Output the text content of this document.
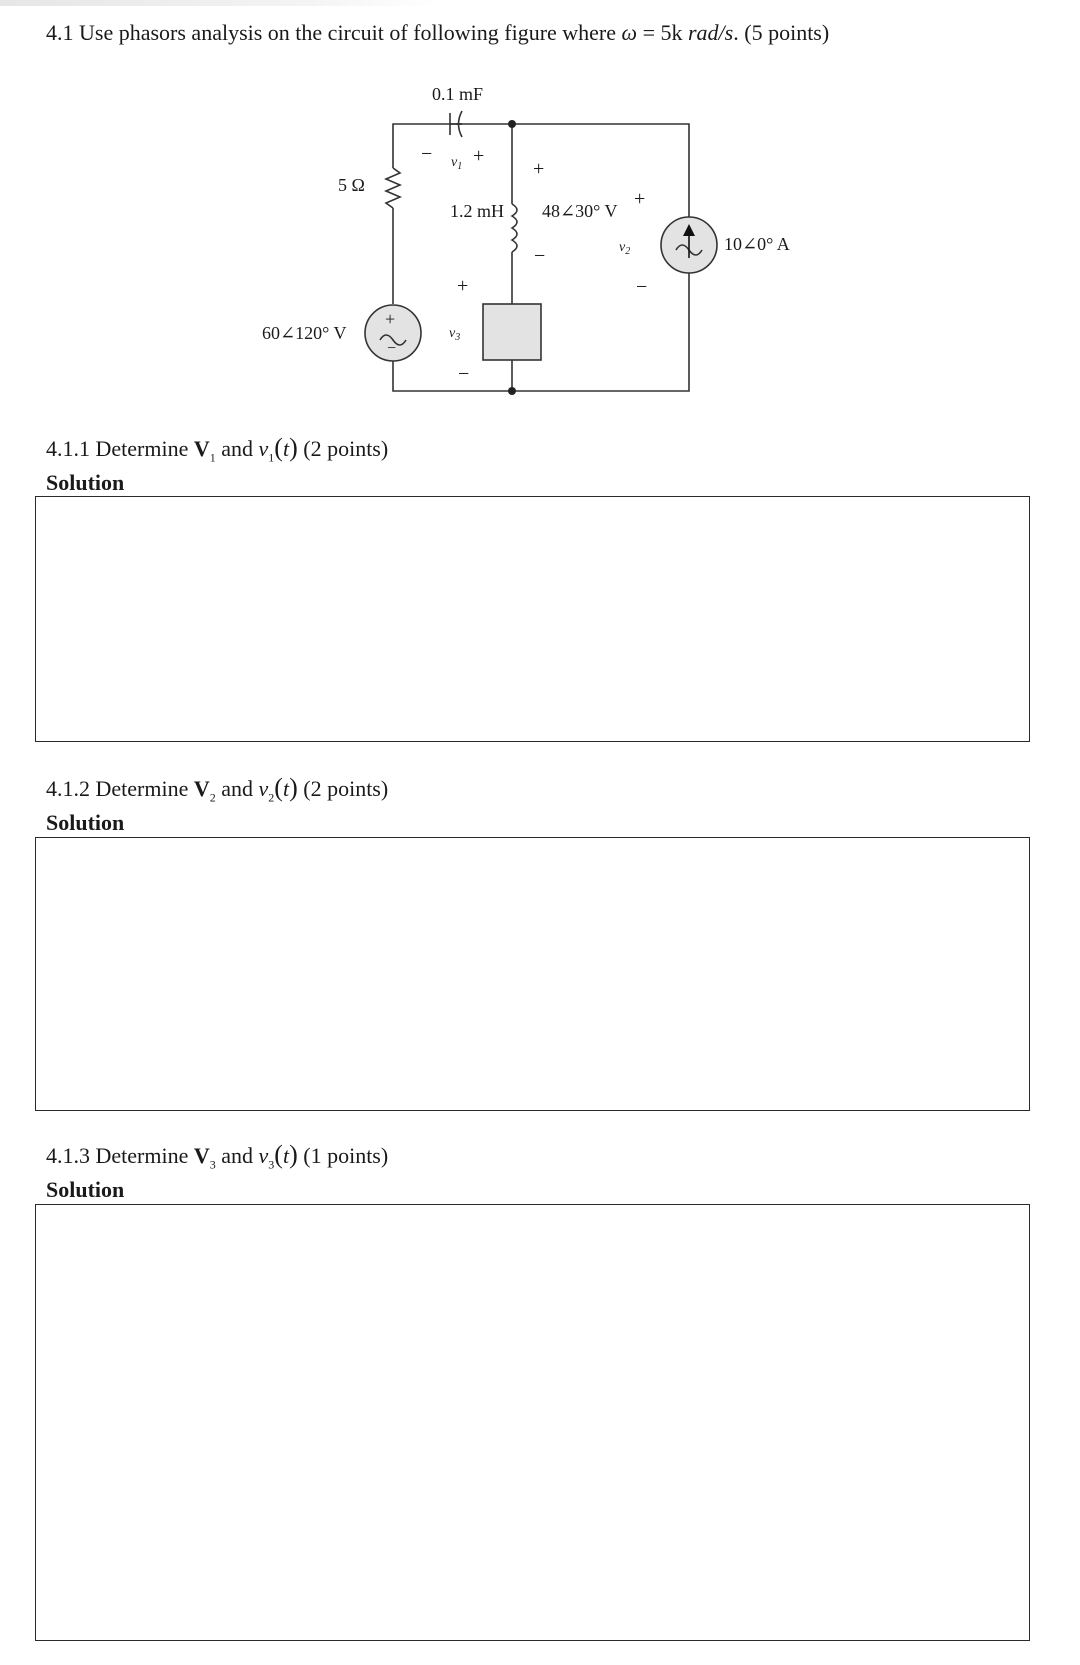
4.1 Use phasors analysis on the circuit of following figure where ω = 5k rad/s. (5 points)
+
−
0.1 mF
5 Ω
1.2 mH 48∠30° V
60∠120° V
10∠0° A
− $v_1$ +
+
−
+
$v_2$
−
+
$v_3$
−
4.1.1 Determine $V_1$ and $v_1(t)$ (2 points)
Solution
4.1.2 Determine $V_2$ and $v_2(t)$ (2 points)
Solution
4.1.3 Determine $V_3$ and $v_3(t)$ (1 points)
Solution
